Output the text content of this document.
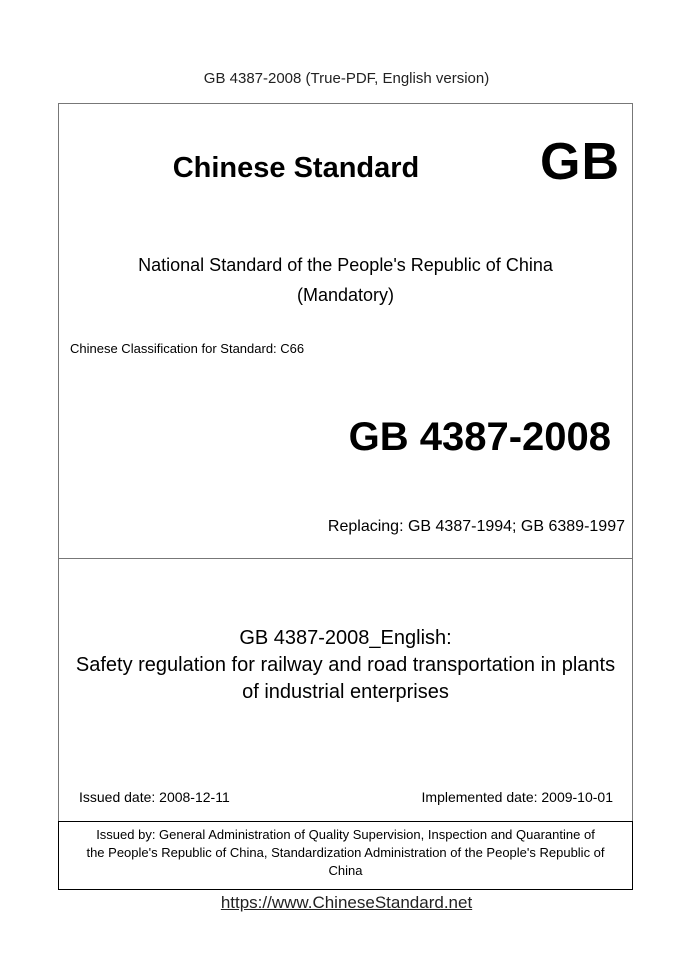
GB 4387-2008 (True-PDF, English version)
Chinese Standard	GB
National Standard of the People's Republic of China
(Mandatory)
Chinese Classification for Standard: C66
GB 4387-2008
Replacing: GB 4387-1994; GB 6389-1997
GB 4387-2008_English:
Safety regulation for railway and road transportation in plants
of industrial enterprises
Issued date: 2008-12-11	Implemented date: 2009-10-01
Issued by: General Administration of Quality Supervision, Inspection and Quarantine of
the People's Republic of China, Standardization Administration of the People's Republic of
China
https://www.ChineseStandard.net
